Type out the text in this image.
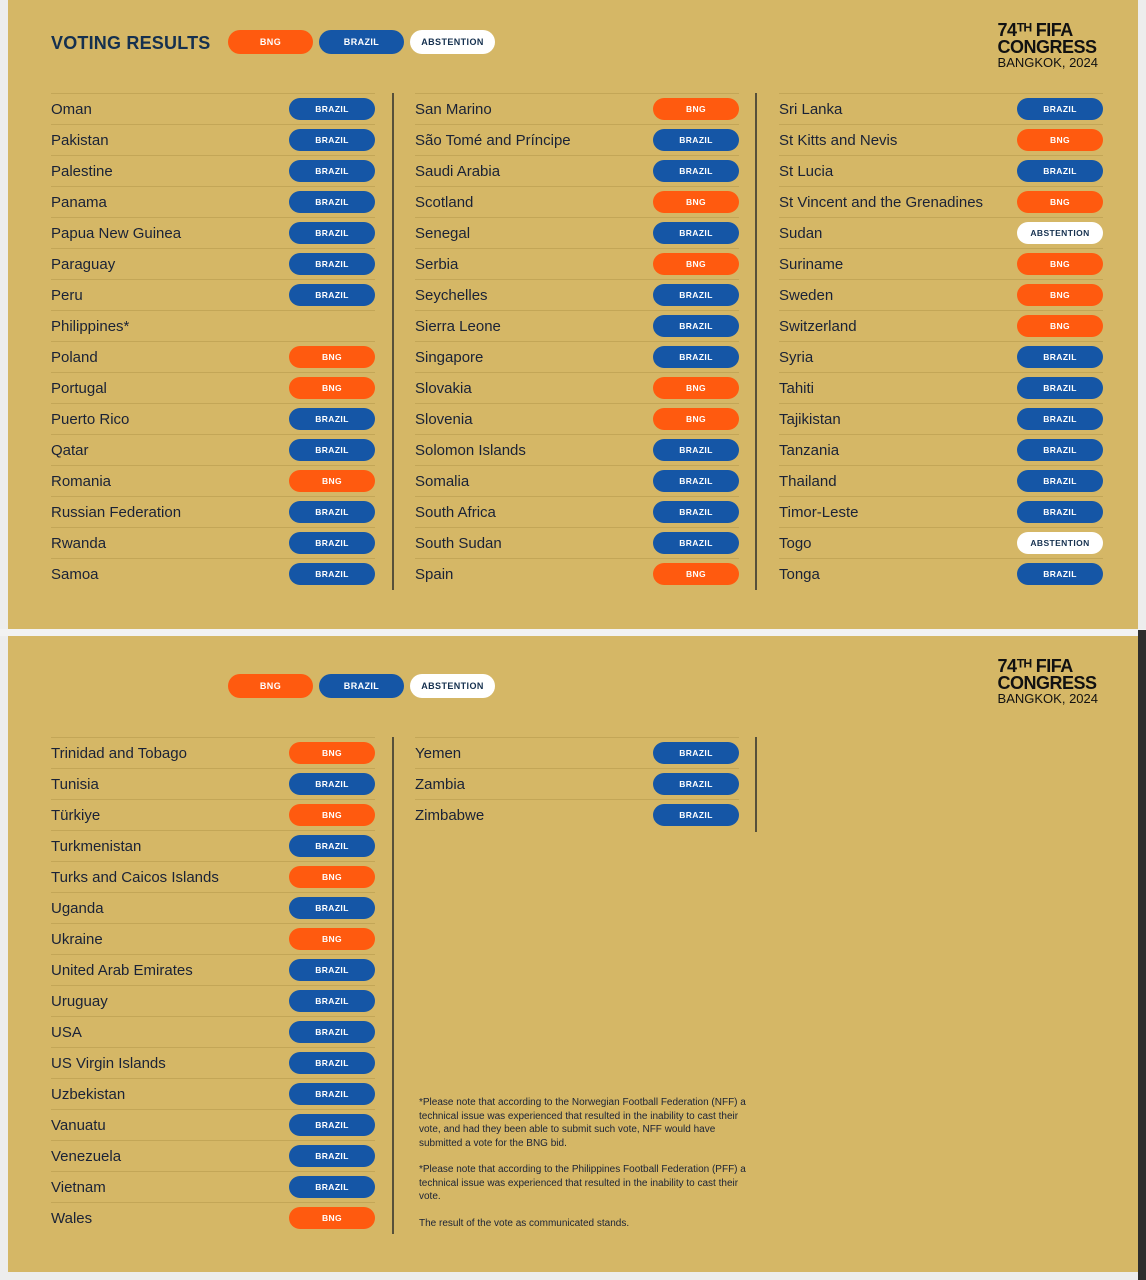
VOTING RESULTS	BNG	BRAZIL	ABSTENTION
74ᵀᴴ FIFA
CONGRESS
BANGKOK, 2024
Oman	BRAZIL
Pakistan	BRAZIL
Palestine	BRAZIL
Panama	BRAZIL
Papua New Guinea	BRAZIL
Paraguay	BRAZIL
Peru	BRAZIL
Philippines*
Poland	BNG
Portugal	BNG
Puerto Rico	BRAZIL
Qatar	BRAZIL
Romania	BNG
Russian Federation	BRAZIL
Rwanda	BRAZIL
Samoa	BRAZIL
San Marino	BNG
São Tomé and Príncipe	BRAZIL
Saudi Arabia	BRAZIL
Scotland	BNG
Senegal	BRAZIL
Serbia	BNG
Seychelles	BRAZIL
Sierra Leone	BRAZIL
Singapore	BRAZIL
Slovakia	BNG
Slovenia	BNG
Solomon Islands	BRAZIL
Somalia	BRAZIL
South Africa	BRAZIL
South Sudan	BRAZIL
Spain	BNG
Sri Lanka	BRAZIL
St Kitts and Nevis	BNG
St Lucia	BRAZIL
St Vincent and the Grenadines	BNG
Sudan	ABSTENTION
Suriname	BNG
Sweden	BNG
Switzerland	BNG
Syria	BRAZIL
Tahiti	BRAZIL
Tajikistan	BRAZIL
Tanzania	BRAZIL
Thailand	BRAZIL
Timor-Leste	BRAZIL
Togo	ABSTENTION
Tonga	BRAZIL
BNG	BRAZIL	ABSTENTION
74ᵀᴴ FIFA
CONGRESS
BANGKOK, 2024
Trinidad and Tobago	BNG
Tunisia	BRAZIL
Türkiye	BNG
Turkmenistan	BRAZIL
Turks and Caicos Islands	BNG
Uganda	BRAZIL
Ukraine	BNG
United Arab Emirates	BRAZIL
Uruguay	BRAZIL
USA	BRAZIL
US Virgin Islands	BRAZIL
Uzbekistan	BRAZIL
Vanuatu	BRAZIL
Venezuela	BRAZIL
Vietnam	BRAZIL
Wales	BNG
Yemen	BRAZIL
Zambia	BRAZIL
Zimbabwe	BRAZIL

*Please note that according to the Norwegian Football Federation (NFF) a technical issue was experienced that resulted in the inability to cast their vote, and had they been able to submit such vote, NFF would have submitted a vote for the BNG bid.

*Please note that according to the Philippines Football Federation (PFF) a technical issue was experienced that resulted in the inability to cast their vote.

The result of the vote as communicated stands.
